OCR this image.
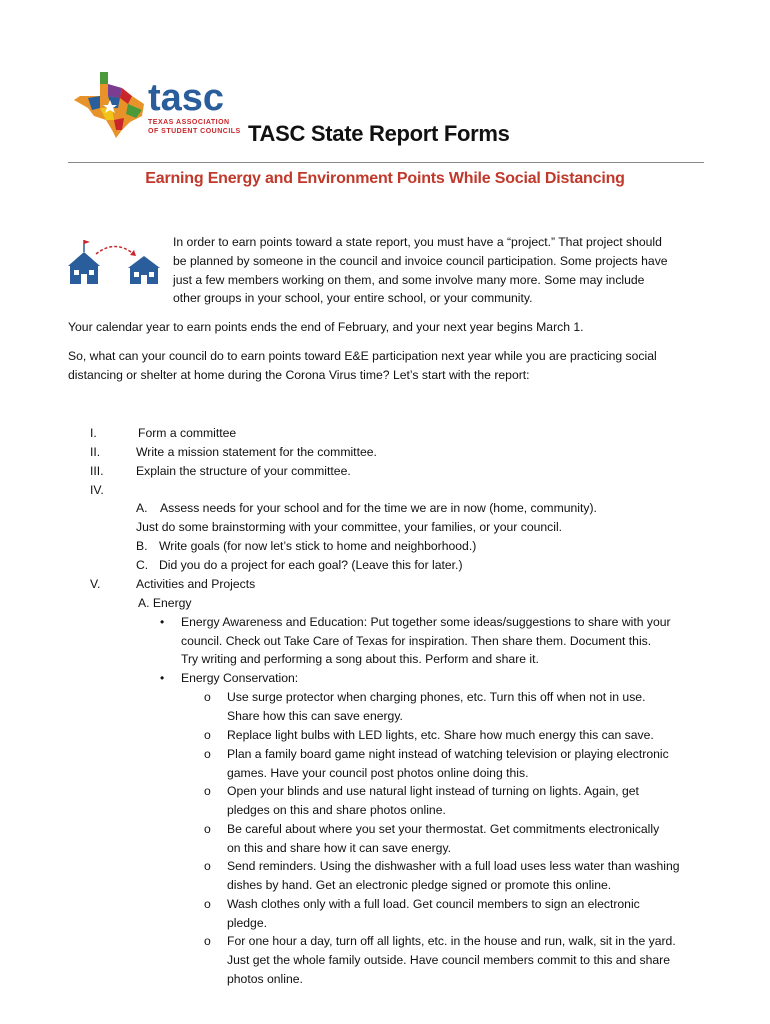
tasc
TEXAS ASSOCIATION
OF STUDENT COUNCILS TASC State Report Forms
Earning Energy and Environment Points While Social Distancing
In order to earn points toward a state report, you must have a “project.” That project should
be planned by someone in the council and invoice council participation. Some projects have
just a few members working on them, and some involve many more. Some may include
other groups in your school, your entire school, or your community.
Your calendar year to earn points ends the end of February, and your next year begins March 1.
So, what can your council do to earn points toward E&E participation next year while you are practicing social
distancing or shelter at home during the Corona Virus time? Let’s start with the report:
I.	Form a committee
II.	Write a mission statement for the committee.
III.	Explain the structure of your committee.
IV.
A. Assess needs for your school and for the time we are in now (home, community).
Just do some brainstorming with your committee, your families, or your council.
B. Write goals (for now let’s stick to home and neighborhood.)
C. Did you do a project for each goal? (Leave this for later.)
V.	Activities and Projects
A. Energy
• Energy Awareness and Education: Put together some ideas/suggestions to share with your
council. Check out Take Care of Texas for inspiration. Then share them. Document this.
Try writing and performing a song about this. Perform and share it.
• Energy Conservation:
o Use surge protector when charging phones, etc. Turn this off when not in use.
Share how this can save energy.
o Replace light bulbs with LED lights, etc. Share how much energy this can save.
o Plan a family board game night instead of watching television or playing electronic
games. Have your council post photos online doing this.
o Open your blinds and use natural light instead of turning on lights. Again, get
pledges on this and share photos online.
o Be careful about where you set your thermostat. Get commitments electronically
on this and share how it can save energy.
o Send reminders. Using the dishwasher with a full load uses less water than washing
dishes by hand. Get an electronic pledge signed or promote this online.
o Wash clothes only with a full load. Get council members to sign an electronic
pledge.
o For one hour a day, turn off all lights, etc. in the house and run, walk, sit in the yard.
Just get the whole family outside. Have council members commit to this and share
photos online.
